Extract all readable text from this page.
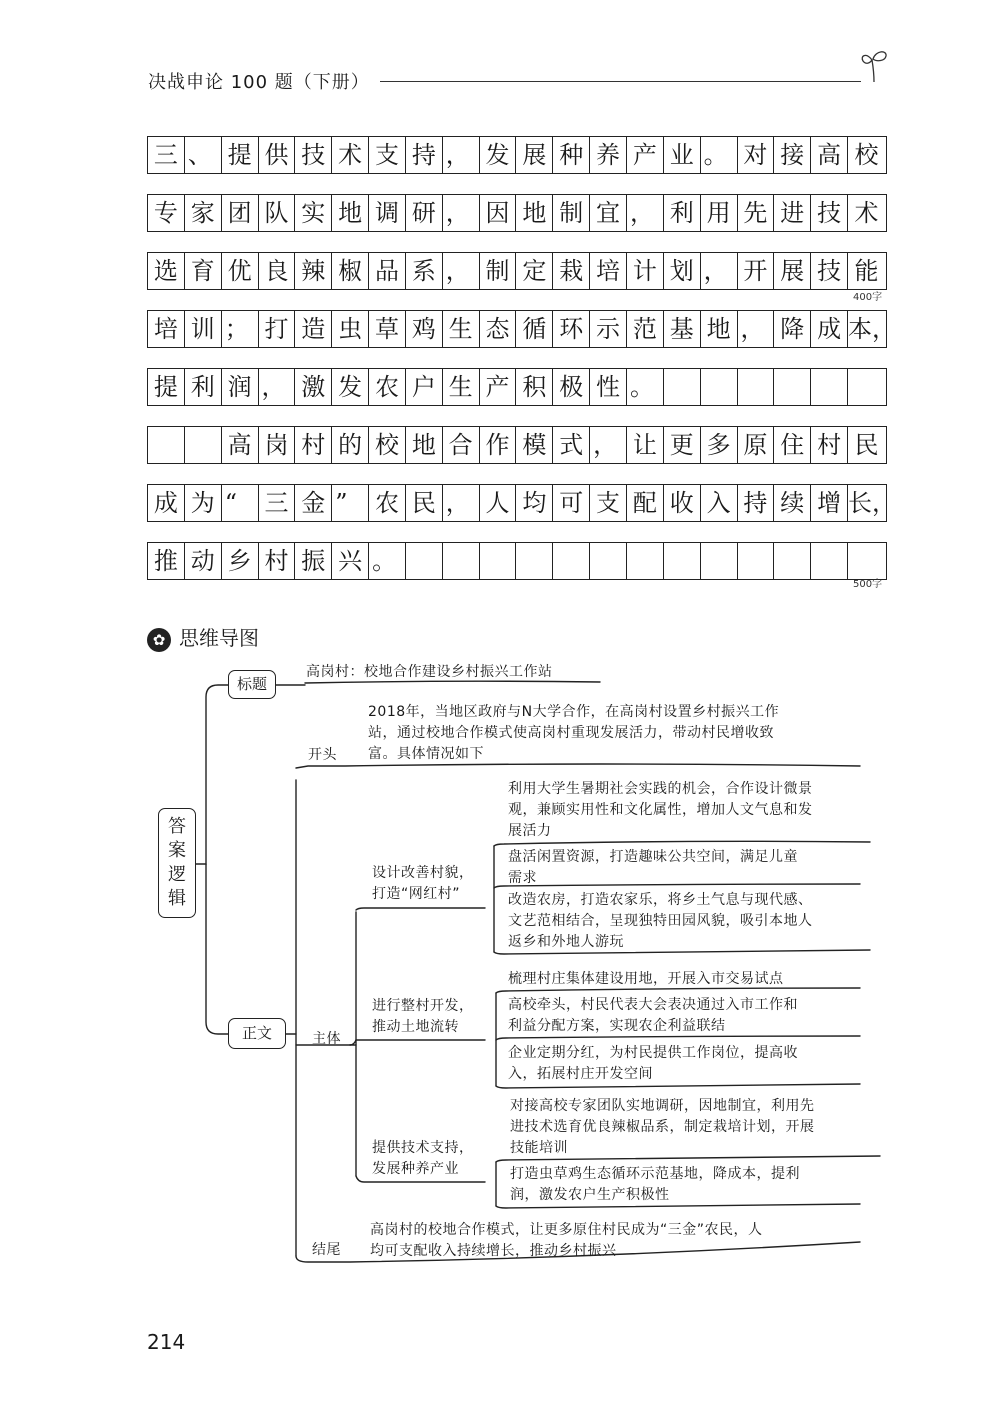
决战申论 100 题（下册）
三 、 提 供 技 术 支 持 ， 发 展 种 养 产 业 。 对 接 高 校
专 家 团 队 实 地 调 研 ， 因 地 制 宜 ， 利 用 先 进 技 术
选 育 优 良 辣 椒 品 系 ， 制 定 栽 培 计 划 ， 开 展 技 能
培 训 ； 打 造 虫 草 鸡 生 态 循 环 示 范 基 地 ， 降 成 本，
提 利 润 ， 激 发 农 户 生 产 积 极 性 。
高 岗 村 的 校 地 合 作 模 式 ， 让 更 多 原 住 村 民
成 为 “	三 金 ”	农 民 ， 人 均 可 支 配 收 入 持 续 增 长，
推 动 乡 村 振 兴 。
400字
500字
✿ 思维导图
答
案
逻
辑
标题
高岗村：校地合作建设乡村振兴工作站
正文
开头
2018年，当地区政府与N大学合作，在高岗村设置乡村振兴工作
站，通过校地合作模式使高岗村重现发展活力，带动村民增收致
富。具体情况如下
主体
设计改善村貌，
打造“网红村”
进行整村开发，
推动土地流转
提供技术支持，
发展种养产业
利用大学生暑期社会实践的机会，合作设计微景
观，兼顾实用性和文化属性，增加人文气息和发
展活力
盘活闲置资源，打造趣味公共空间，满足儿童
需求
改造农房，打造农家乐，将乡土气息与现代感、
文艺范相结合，呈现独特田园风貌，吸引本地人
返乡和外地人游玩
梳理村庄集体建设用地，开展入市交易试点
高校牵头，村民代表大会表决通过入市工作和
利益分配方案，实现农企利益联结
企业定期分红，为村民提供工作岗位，提高收
入，拓展村庄开发空间
对接高校专家团队实地调研，因地制宜，利用先
进技术选育优良辣椒品系，制定栽培计划，开展
技能培训
打造虫草鸡生态循环示范基地，降成本，提利
润，激发农户生产积极性
结尾
高岗村的校地合作模式，让更多原住村民成为“三金”农民，人
均可支配收入持续增长，推动乡村振兴
214
